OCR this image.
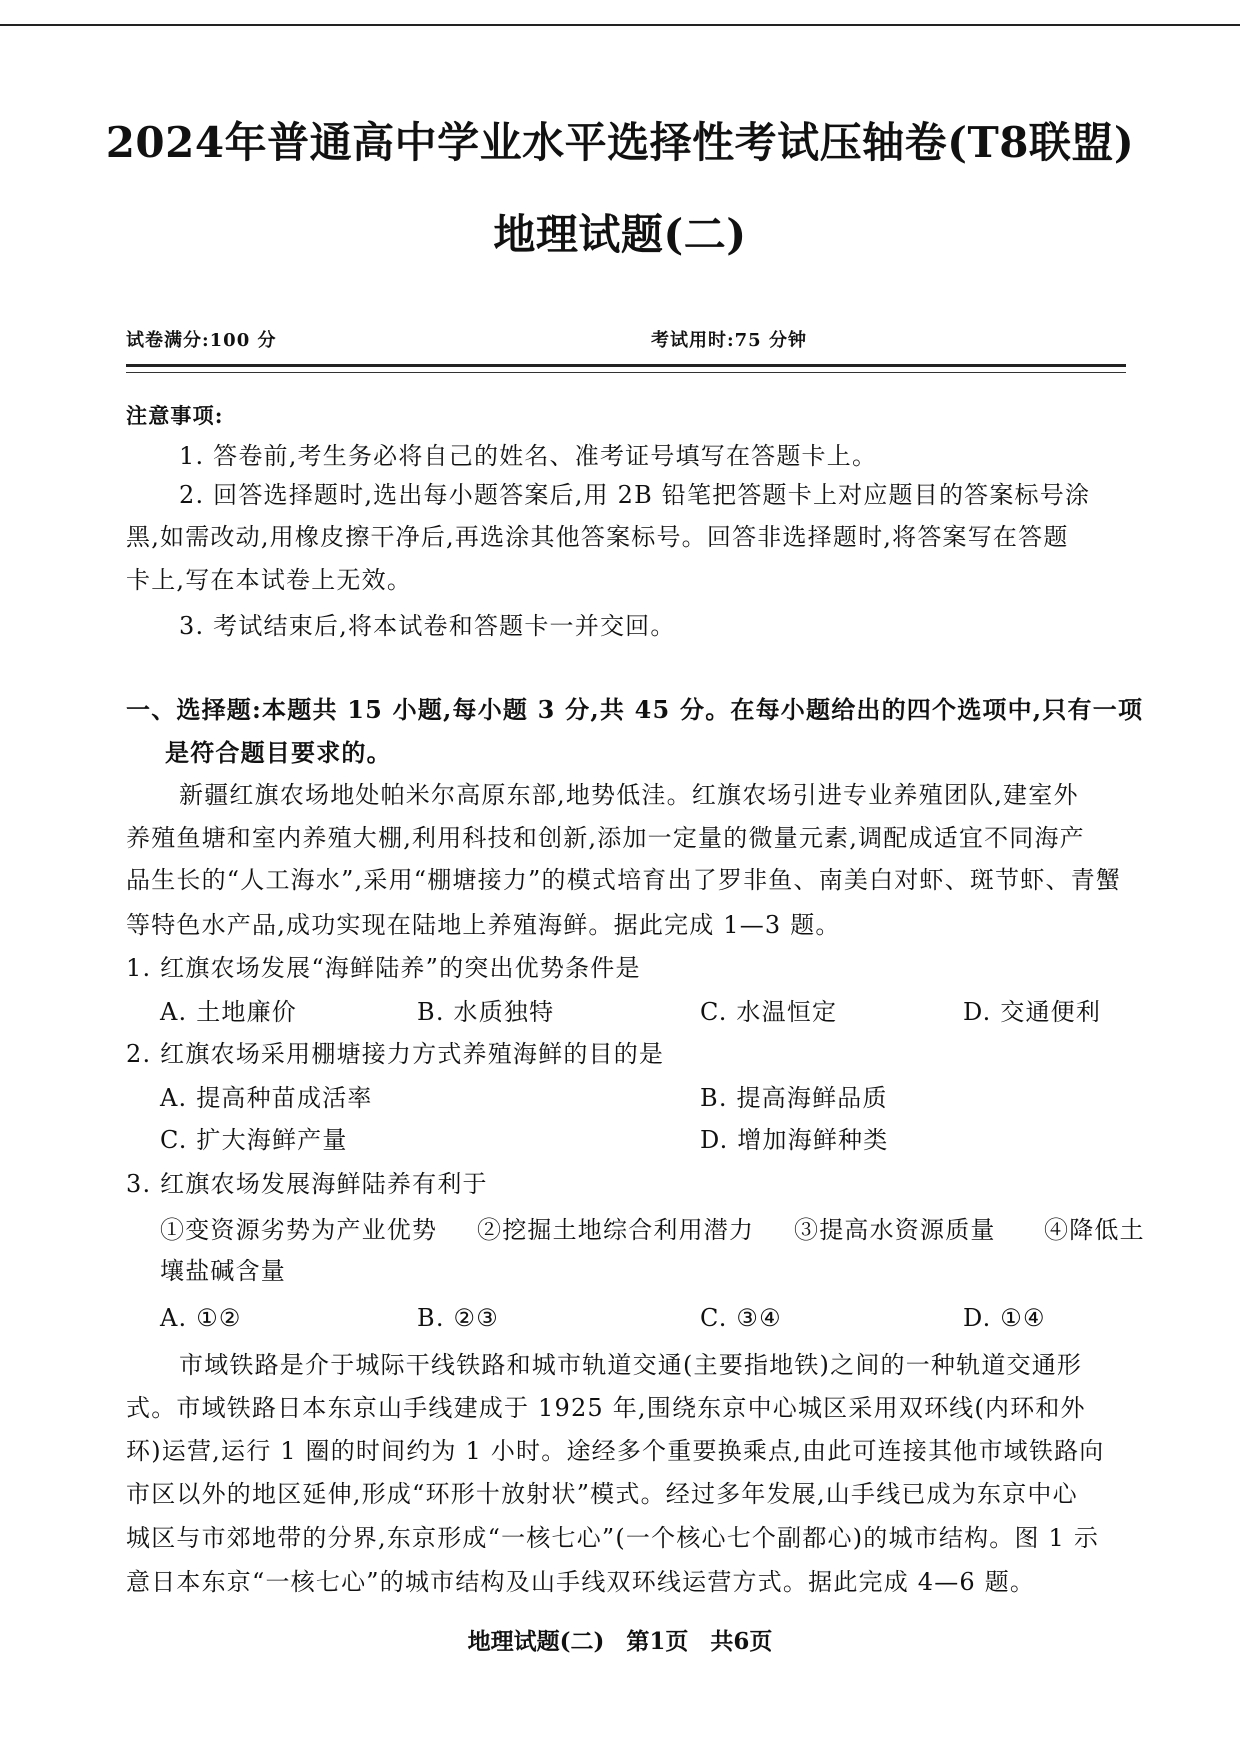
2024年普通高中学业水平选择性考试压轴卷(T8联盟)
地理试题(二)
试卷满分:100 分	考试用时:75 分钟
注意事项:
1. 答卷前,考生务必将自己的姓名、准考证号填写在答题卡上。
2. 回答选择题时,选出每小题答案后,用 2B 铅笔把答题卡上对应题目的答案标号涂
黑,如需改动,用橡皮擦干净后,再选涂其他答案标号。回答非选择题时,将答案写在答题
卡上,写在本试卷上无效。
3. 考试结束后,将本试卷和答题卡一并交回。
一、选择题:本题共 15 小题,每小题 3 分,共 45 分。在每小题给出的四个选项中,只有一项
是符合题目要求的。
新疆红旗农场地处帕米尔高原东部,地势低洼。红旗农场引进专业养殖团队,建室外
养殖鱼塘和室内养殖大棚,利用科技和创新,添加一定量的微量元素,调配成适宜不同海产
品生长的“人工海水”,采用“棚塘接力”的模式培育出了罗非鱼、南美白对虾、斑节虾、青蟹
等特色水产品,成功实现在陆地上养殖海鲜。据此完成 1—3 题。
1. 红旗农场发展“海鲜陆养”的突出优势条件是
A. 土地廉价	B. 水质独特	C. 水温恒定	D. 交通便利
2. 红旗农场采用棚塘接力方式养殖海鲜的目的是
A. 提高种苗成活率	B. 提高海鲜品质
C. 扩大海鲜产量	D. 增加海鲜种类
3. 红旗农场发展海鲜陆养有利于
①变资源劣势为产业优势 ②挖掘土地综合利用潜力 ③提高水资源质量 ④降低土
壤盐碱含量
A. ①②	B. ②③	C. ③④	D. ①④
市域铁路是介于城际干线铁路和城市轨道交通(主要指地铁)之间的一种轨道交通形
式。市域铁路日本东京山手线建成于 1925 年,围绕东京中心城区采用双环线(内环和外
环)运营,运行 1 圈的时间约为 1 小时。途经多个重要换乘点,由此可连接其他市域铁路向
市区以外的地区延伸,形成“环形十放射状”模式。经过多年发展,山手线已成为东京中心
城区与市郊地带的分界,东京形成“一核七心”(一个核心七个副都心)的城市结构。图 1 示
意日本东京“一核七心”的城市结构及山手线双环线运营方式。据此完成 4—6 题。
地理试题(二) 第1页 共6页
